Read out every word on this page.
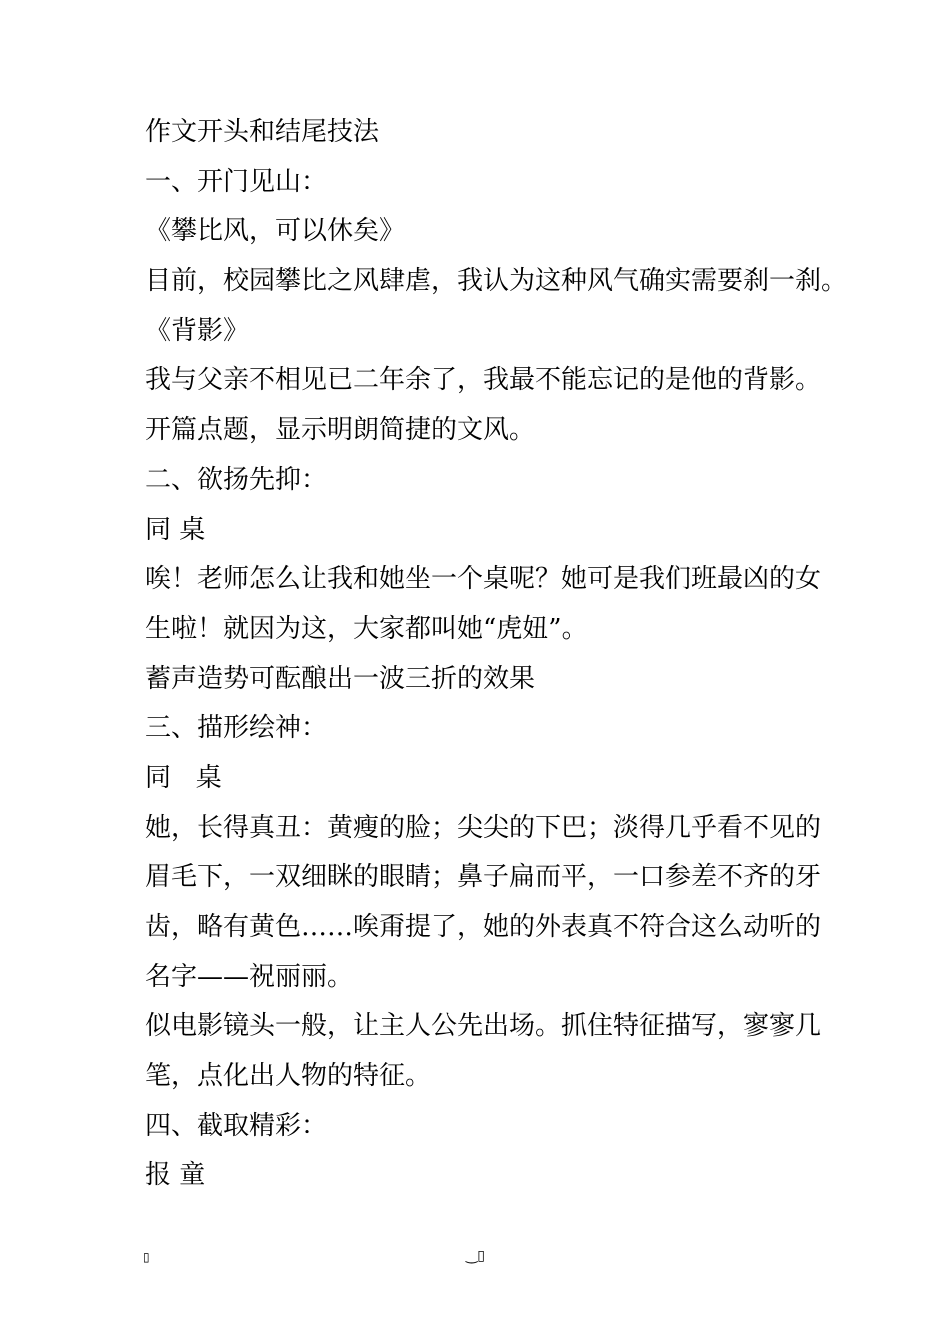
作文开头和结尾技法
一、开门见山：
《攀比风，可以休矣》
目前，校园攀比之风肆虐，我认为这种风气确实需要刹一刹。
《背影》
我与父亲不相见已二年余了，我最不能忘记的是他的背影。
开篇点题，显示明朗简捷的文风。
二、欲扬先抑：
同 桌
唉！老师怎么让我和她坐一个桌呢？她可是我们班最凶的女
生啦！就因为这，大家都叫她“虎妞”。
蓄声造势可酝酿出一波三折的效果
三、描形绘神：
同   桌
她，长得真丑：黄瘦的脸；尖尖的下巴；淡得几乎看不见的
眉毛下，一双细眯的眼睛；鼻子扁而平，一口参差不齐的牙
齿，略有黄色……唉甭提了，她的外表真不符合这么动听的
名字——祝丽丽。
似电影镜头一般，让主人公先出场。抓住特征描写，寥寥几
笔，点化出人物的特征。
四、截取精彩：
报 童
▯	‿▯
